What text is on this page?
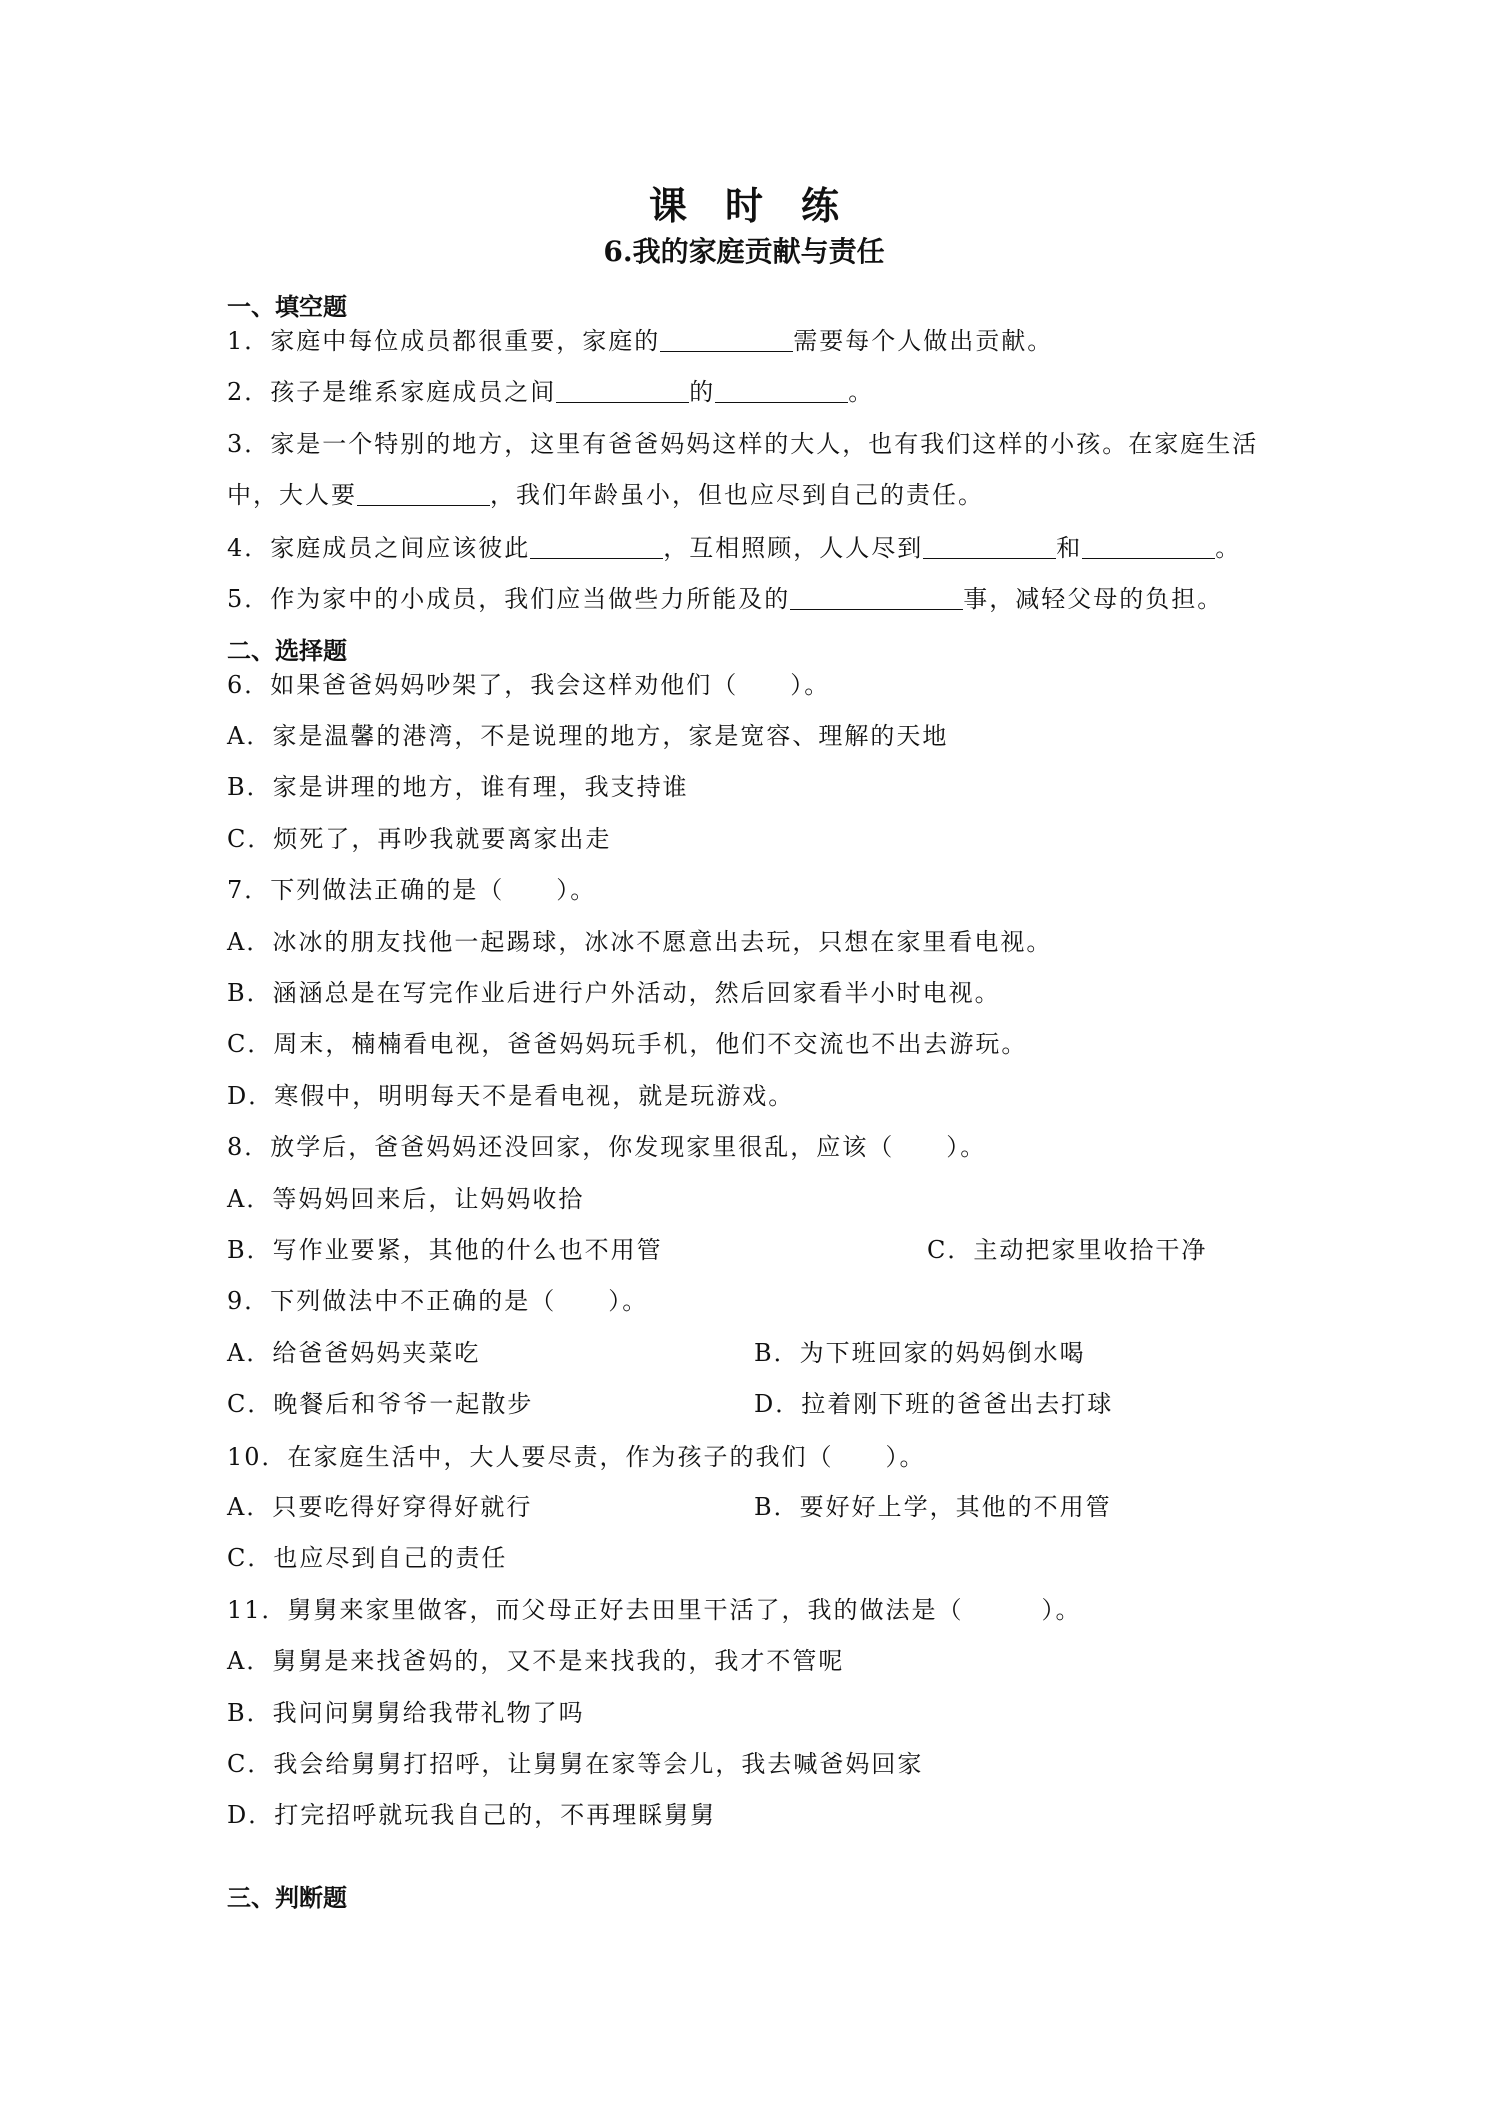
课　时　练
6.我的家庭贡献与责任
一、填空题
1．家庭中每位成员都很重要，家庭的	需要每个人做出贡献。
2．孩子是维系家庭成员之间	的	。
3．家是一个特别的地方，这里有爸爸妈妈这样的大人，也有我们这样的小孩。在家庭生活
中，大人要	，我们年龄虽小，但也应尽到自己的责任。
4．家庭成员之间应该彼此	，互相照顾，人人尽到	和	。
5．作为家中的小成员，我们应当做些力所能及的	事，减轻父母的负担。
二、选择题
6．如果爸爸妈妈吵架了，我会这样劝他们（　　）。
A．家是温馨的港湾，不是说理的地方，家是宽容、理解的天地
B．家是讲理的地方，谁有理，我支持谁
C．烦死了，再吵我就要离家出走
7．下列做法正确的是（　　）。
A．冰冰的朋友找他一起踢球，冰冰不愿意出去玩，只想在家里看电视。
B．涵涵总是在写完作业后进行户外活动，然后回家看半小时电视。
C．周末，楠楠看电视，爸爸妈妈玩手机，他们不交流也不出去游玩。
D．寒假中，明明每天不是看电视，就是玩游戏。
8．放学后，爸爸妈妈还没回家，你发现家里很乱，应该（　　）。
A．等妈妈回来后，让妈妈收拾
B．写作业要紧，其他的什么也不用管	C．主动把家里收拾干净
9．下列做法中不正确的是（　　）。
A．给爸爸妈妈夹菜吃	B．为下班回家的妈妈倒水喝
C．晚餐后和爷爷一起散步	D．拉着刚下班的爸爸出去打球
10．在家庭生活中，大人要尽责，作为孩子的我们（　　）。
A．只要吃得好穿得好就行	B．要好好上学，其他的不用管
C．也应尽到自己的责任
11．舅舅来家里做客，而父母正好去田里干活了，我的做法是（　　　）。
A．舅舅是来找爸妈的，又不是来找我的，我才不管呢
B．我问问舅舅给我带礼物了吗
C．我会给舅舅打招呼，让舅舅在家等会儿，我去喊爸妈回家
D．打完招呼就玩我自己的，不再理睬舅舅
三、判断题
